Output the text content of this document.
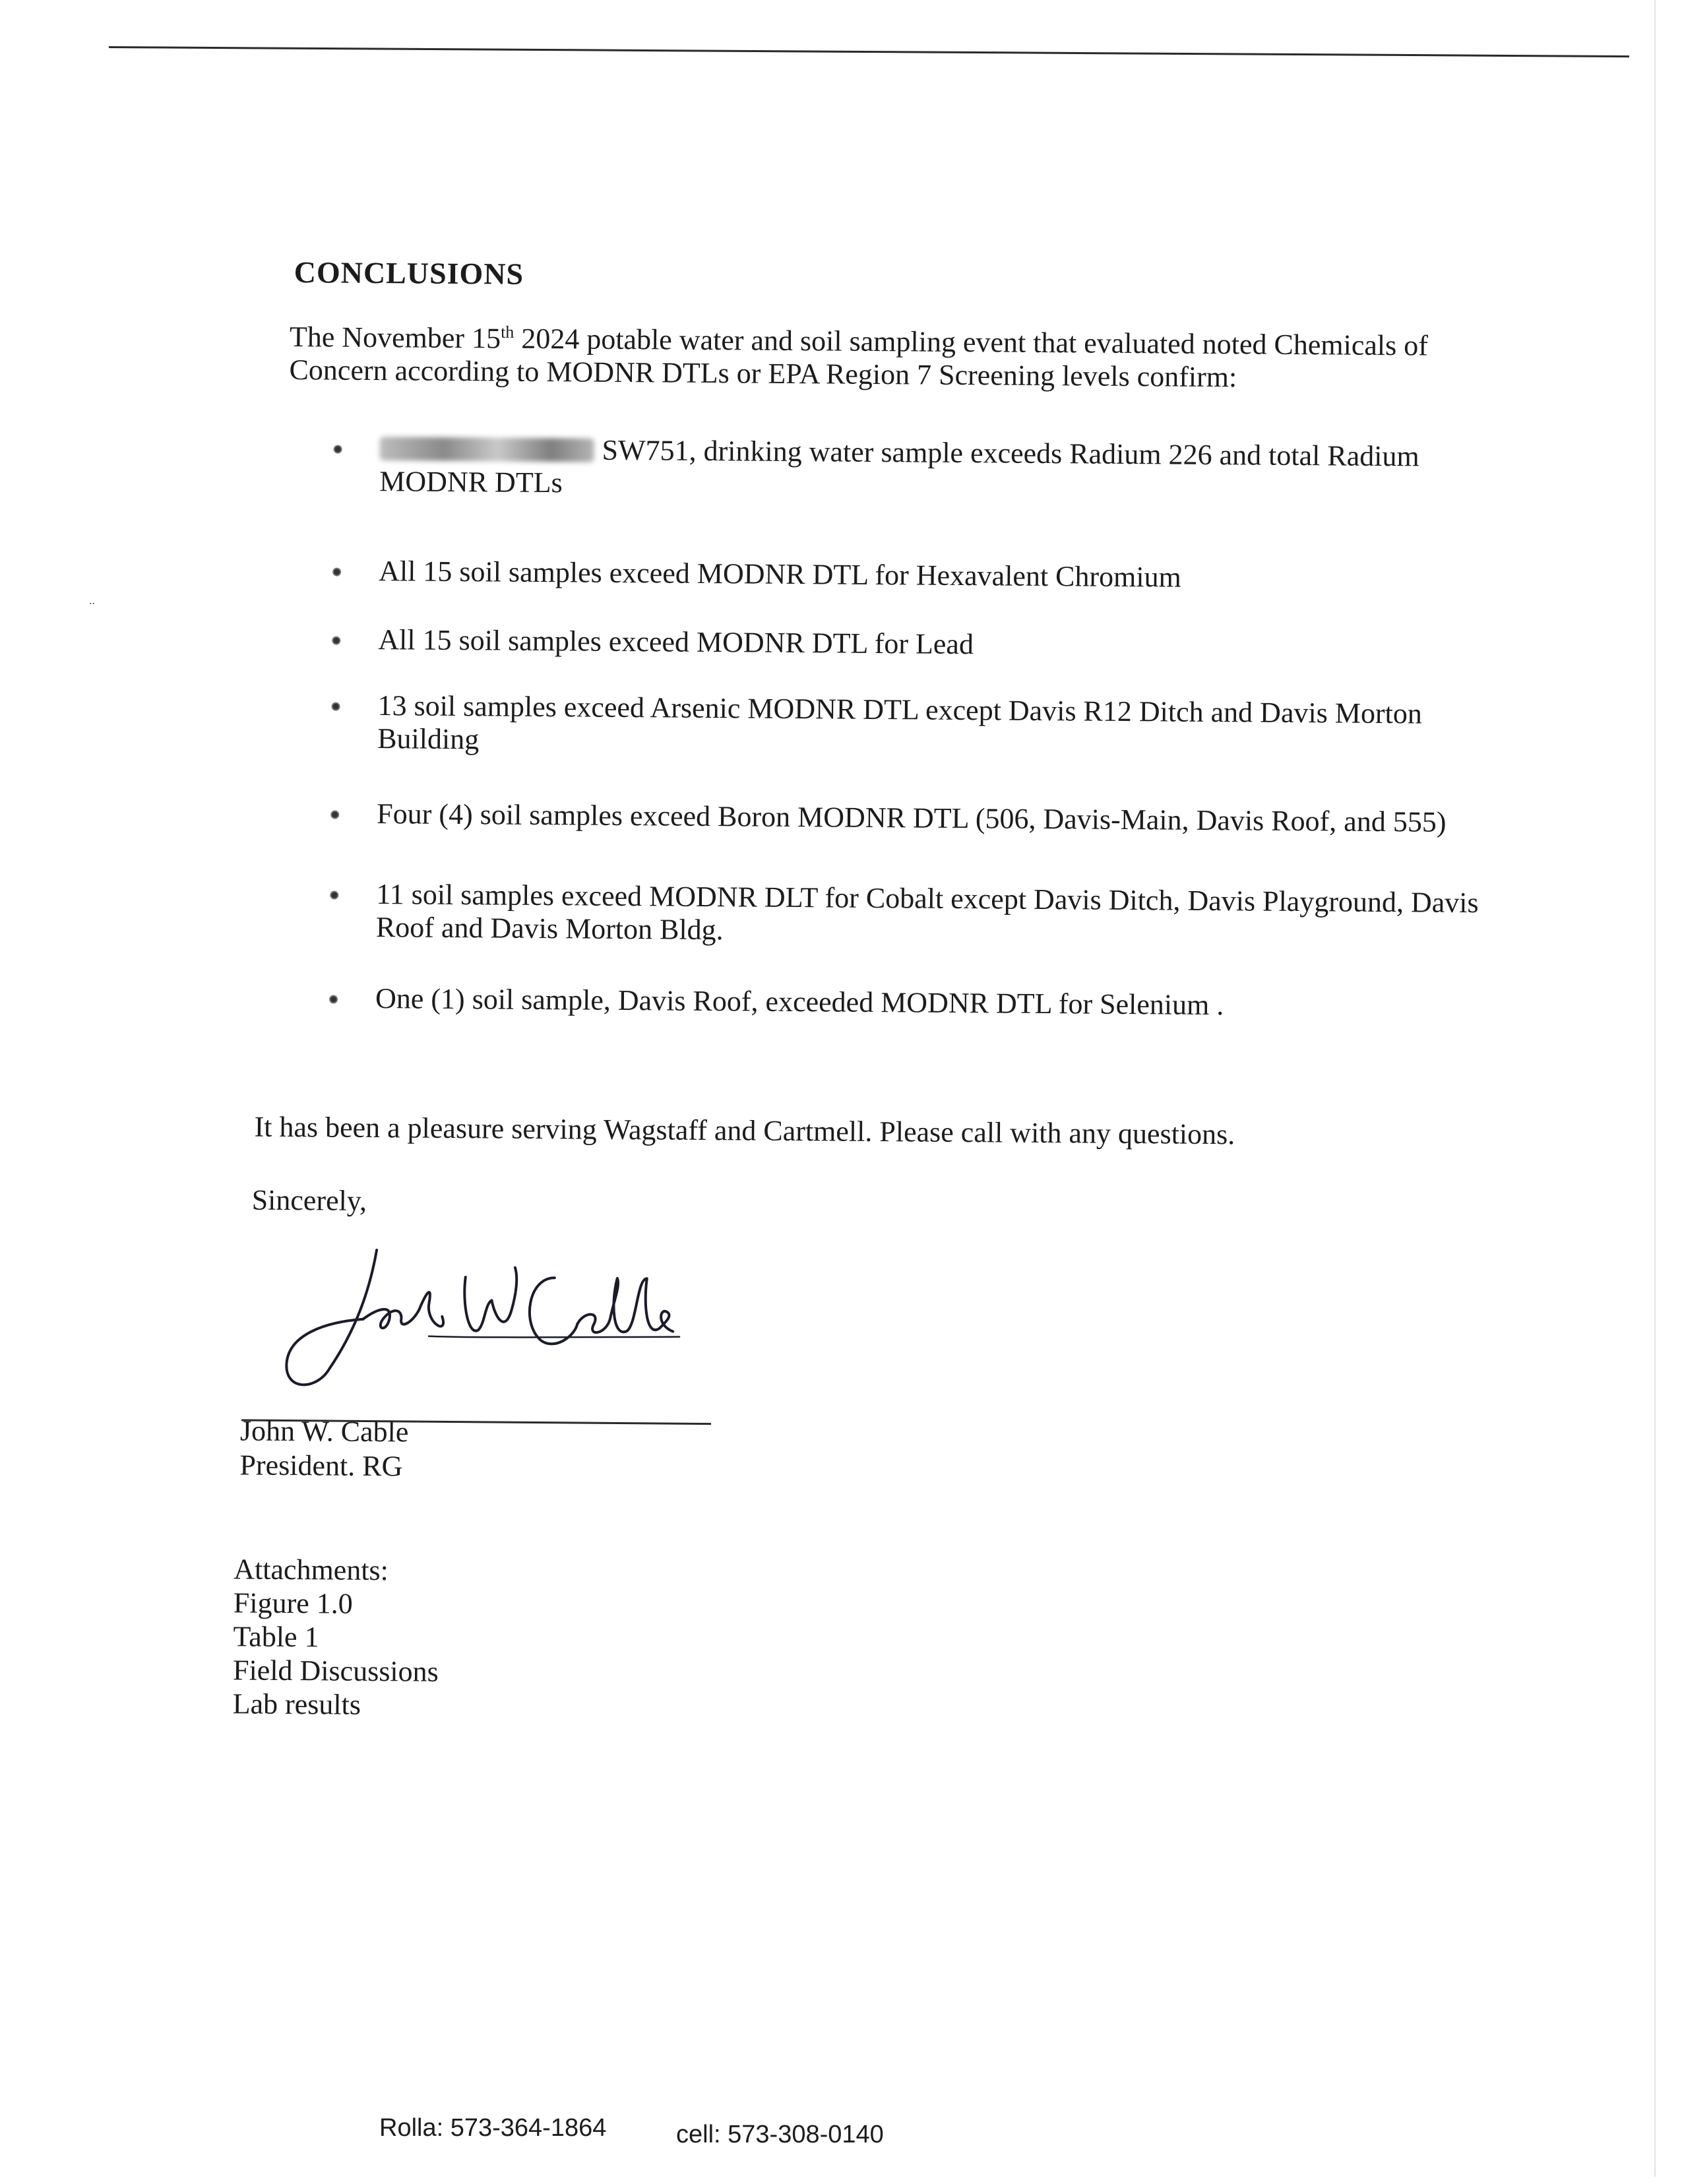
..
CONCLUSIONS
The November 15th 2024 potable water and soil sampling event that evaluated noted Chemicals of Concern according to MODNR DTLs or EPA Region 7 Screening levels confirm:
SW751, drinking water sample exceeds Radium 226 and total Radium MODNR DTLs
All 15 soil samples exceed MODNR DTL for Hexavalent Chromium
All 15 soil samples exceed MODNR DTL for Lead
13 soil samples exceed Arsenic MODNR DTL except Davis R12 Ditch and Davis Morton Building
Four (4) soil samples exceed Boron MODNR DTL (506, Davis-Main, Davis Roof, and 555)
11 soil samples exceed MODNR DLT for Cobalt except Davis Ditch, Davis Playground, Davis Roof and Davis Morton Bldg.
One (1) soil sample, Davis Roof, exceeded MODNR DTL for Selenium .
It has been a pleasure serving Wagstaff and Cartmell. Please call with any questions.
Sincerely,
John W. Cable
President. RG
Attachments:
Figure 1.0
Table 1
Field Discussions
Lab results
Rolla: 573-364-1864	cell: 573-308-0140
